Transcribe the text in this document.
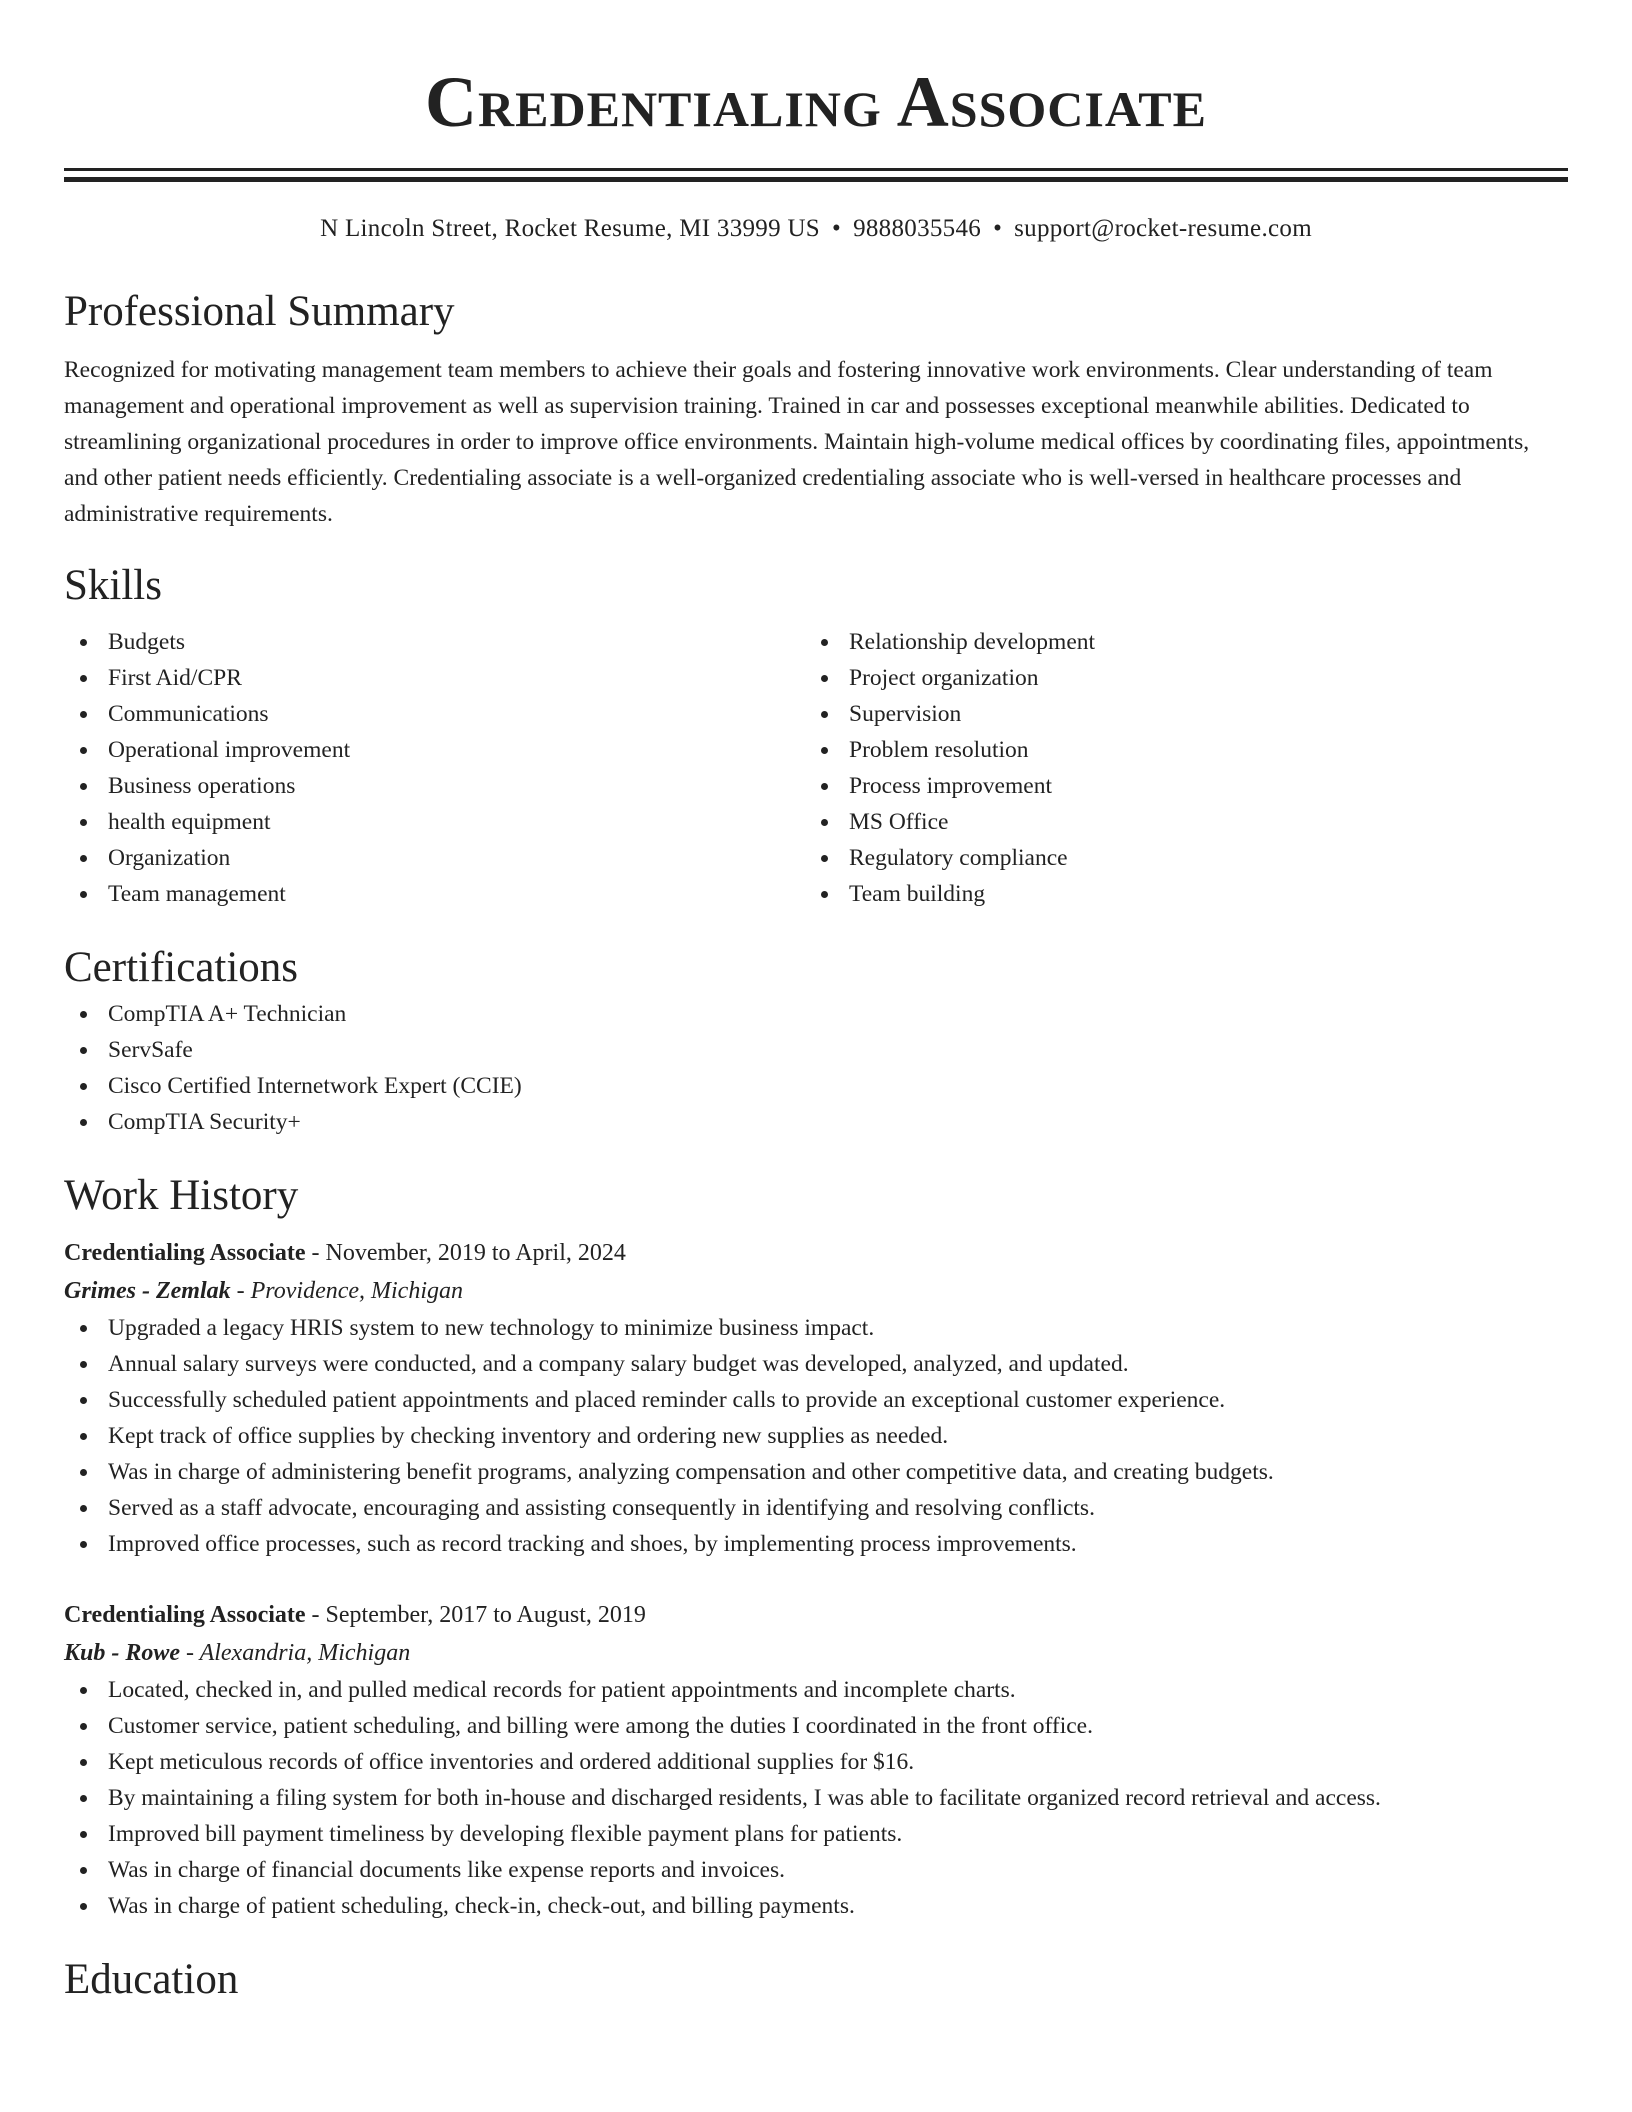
Credentialing Associate
N Lincoln Street, Rocket Resume, MI 33999 US • 9888035546 • support@rocket-resume.com
Professional Summary

Recognized for motivating management team members to achieve their goals and fostering innovative work environments. Clear understanding of team management and operational improvement as well as supervision training. Trained in car and possesses exceptional meanwhile abilities. Dedicated to streamlining organizational procedures in order to improve office environments. Maintain high-volume medical offices by coordinating files, appointments, and other patient needs efficiently. Credentialing associate is a well-organized credentialing associate who is well-versed in healthcare processes and administrative requirements.

Skills
Budgets
First Aid/CPR
Communications
Operational improvement
Business operations
health equipment
Organization
Team management
Relationship development
Project organization
Supervision
Problem resolution
Process improvement
MS Office
Regulatory compliance
Team building
Certifications
CompTIA A+ Technician
ServSafe
Cisco Certified Internetwork Expert (CCIE)
CompTIA Security+
Work History
Credentialing Associate - November, 2019 to April, 2024
Grimes - Zemlak - Providence, Michigan
Upgraded a legacy HRIS system to new technology to minimize business impact.
Annual salary surveys were conducted, and a company salary budget was developed, analyzed, and updated.
Successfully scheduled patient appointments and placed reminder calls to provide an exceptional customer experience.
Kept track of office supplies by checking inventory and ordering new supplies as needed.
Was in charge of administering benefit programs, analyzing compensation and other competitive data, and creating budgets.
Served as a staff advocate, encouraging and assisting consequently in identifying and resolving conflicts.
Improved office processes, such as record tracking and shoes, by implementing process improvements.
Credentialing Associate - September, 2017 to August, 2019
Kub - Rowe - Alexandria, Michigan
Located, checked in, and pulled medical records for patient appointments and incomplete charts.
Customer service, patient scheduling, and billing were among the duties I coordinated in the front office.
Kept meticulous records of office inventories and ordered additional supplies for $16.
By maintaining a filing system for both in-house and discharged residents, I was able to facilitate organized record retrieval and access.
Improved bill payment timeliness by developing flexible payment plans for patients.
Was in charge of financial documents like expense reports and invoices.
Was in charge of patient scheduling, check-in, check-out, and billing payments.
Education
